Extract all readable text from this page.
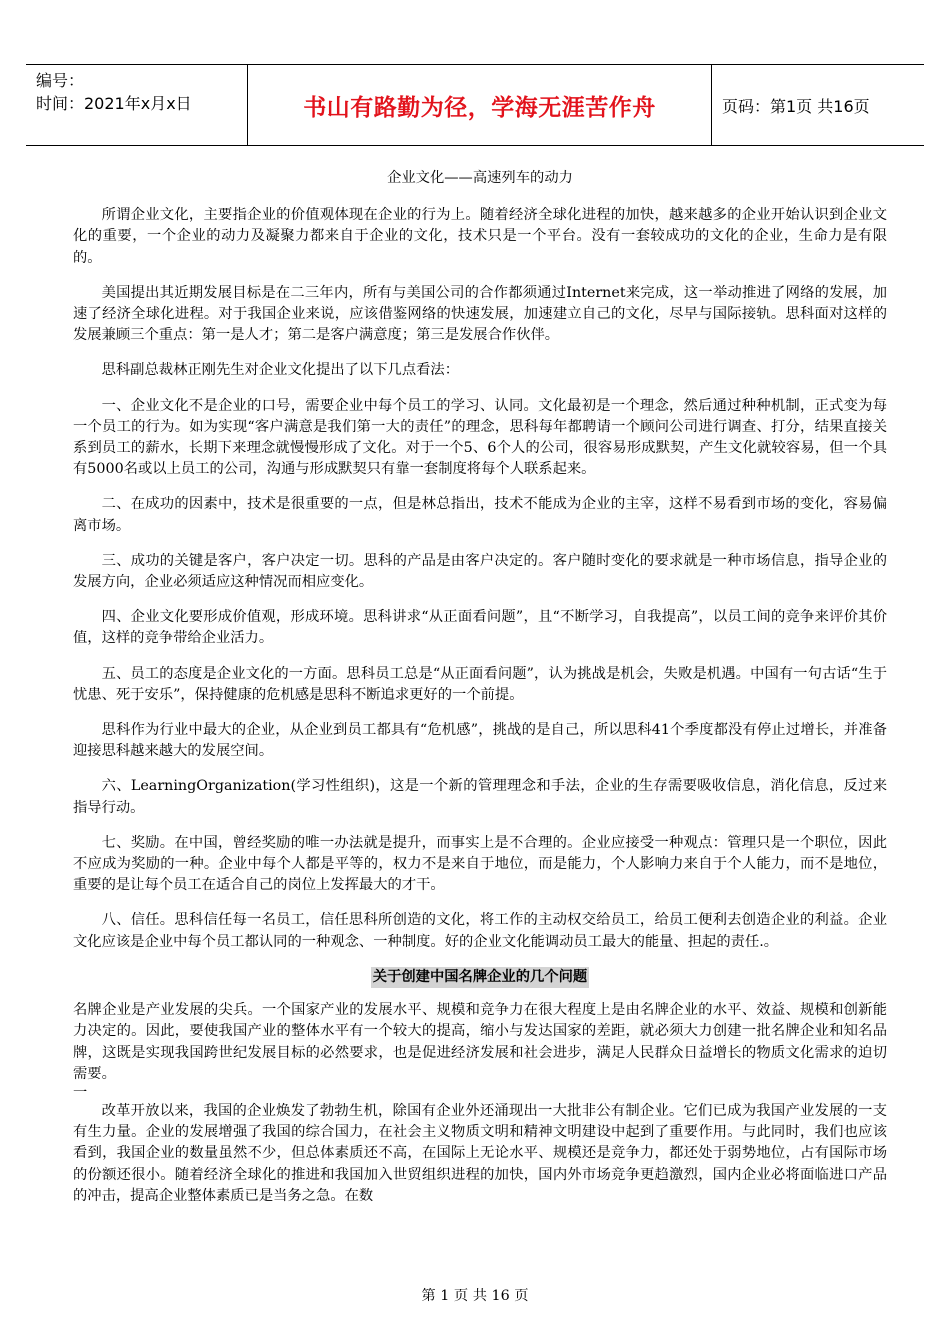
编号：
时间：2021年x月x日	书山有路勤为径，学海无涯苦作舟	页码：第1页 共16页

企业文化——高速列车的动力

所谓企业文化，主要指企业的价值观体现在企业的行为上。随着经济全球化进程的加快，越来越多的企业开始认识到企业文化的重要，一个企业的动力及凝聚力都来自于企业的文化，技术只是一个平台。没有一套较成功的文化的企业，生命力是有限的。

美国提出其近期发展目标是在二三年内，所有与美国公司的合作都须通过Internet来完成，这一举动推进了网络的发展，加速了经济全球化进程。对于我国企业来说，应该借鉴网络的快速发展，加速建立自己的文化，尽早与国际接轨。思科面对这样的发展兼顾三个重点：第一是人才；第二是客户满意度；第三是发展合作伙伴。

思科副总裁林正刚先生对企业文化提出了以下几点看法：

一、企业文化不是企业的口号，需要企业中每个员工的学习、认同。文化最初是一个理念，然后通过种种机制，正式变为每一个员工的行为。如为实现“客户满意是我们第一大的责任”的理念，思科每年都聘请一个顾问公司进行调查、打分，结果直接关系到员工的薪水，长期下来理念就慢慢形成了文化。对于一个5、6个人的公司，很容易形成默契，产生文化就较容易，但一个具有5000名或以上员工的公司，沟通与形成默契只有靠一套制度将每个人联系起来。

二、在成功的因素中，技术是很重要的一点，但是林总指出，技术不能成为企业的主宰，这样不易看到市场的变化，容易偏离市场。

三、成功的关键是客户，客户决定一切。思科的产品是由客户决定的。客户随时变化的要求就是一种市场信息，指导企业的发展方向，企业必须适应这种情况而相应变化。

四、企业文化要形成价值观，形成环境。思科讲求“从正面看问题”，且“不断学习，自我提高”，以员工间的竞争来评价其价值，这样的竞争带给企业活力。

五、员工的态度是企业文化的一方面。思科员工总是“从正面看问题”，认为挑战是机会，失败是机遇。中国有一句古话“生于忧患、死于安乐”，保持健康的危机感是思科不断追求更好的一个前提。

思科作为行业中最大的企业，从企业到员工都具有“危机感”，挑战的是自己，所以思科41个季度都没有停止过增长，并准备迎接思科越来越大的发展空间。

六、LearningOrganization(学习性组织)，这是一个新的管理理念和手法，企业的生存需要吸收信息，消化信息，反过来指导行动。

七、奖励。在中国，曾经奖励的唯一办法就是提升，而事实上是不合理的。企业应接受一种观点：管理只是一个职位，因此不应成为奖励的一种。企业中每个人都是平等的，权力不是来自于地位，而是能力，个人影响力来自于个人能力，而不是地位，重要的是让每个员工在适合自己的岗位上发挥最大的才干。

八、信任。思科信任每一名员工，信任思科所创造的文化，将工作的主动权交给员工，给员工便利去创造企业的利益。企业文化应该是企业中每个员工都认同的一种观念、一种制度。好的企业文化能调动员工最大的能量、担起的责任.。

关于创建中国名牌企业的几个问题

名牌企业是产业发展的尖兵。一个国家产业的发展水平、规模和竞争力在很大程度上是由名牌企业的水平、效益、规模和创新能力决定的。因此，要使我国产业的整体水平有一个较大的提高，缩小与发达国家的差距，就必须大力创建一批名牌企业和知名品牌，这既是实现我国跨世纪发展目标的必然要求，也是促进经济发展和社会进步，满足人民群众日益增长的物质文化需求的迫切需要。

一

改革开放以来，我国的企业焕发了勃勃生机，除国有企业外还涌现出一大批非公有制企业。它们已成为我国产业发展的一支有生力量。企业的发展增强了我国的综合国力，在社会主义物质文明和精神文明建设中起到了重要作用。与此同时，我们也应该看到，我国企业的数量虽然不少，但总体素质还不高，在国际上无论水平、规模还是竞争力，都还处于弱势地位，占有国际市场的份额还很小。随着经济全球化的推进和我国加入世贸组织进程的加快，国内外市场竞争更趋激烈，国内企业必将面临进口产品的冲击，提高企业整体素质已是当务之急。在数

第 1 页 共 16 页
